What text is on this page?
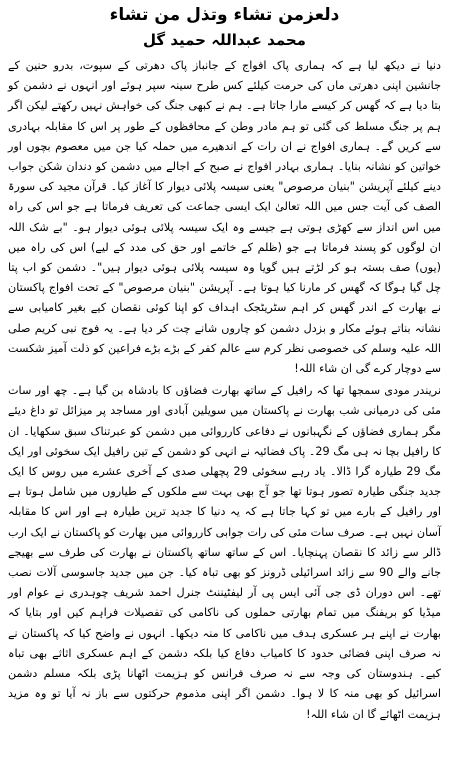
دلعزمن تشاء وتذل من تشاء
محمد عبداللہ حمید گل

دنیا نے دیکھ لیا ہے کہ ہماری پاک افواج کے جانباز پاک دھرتی کے سپوت، بدرو حنین کے جانشین اپنی دھرتی ماں کی حرمت کیلئے کس طرح سینہ سپر ہوئے اور انہوں نے دشمن کو بتا دیا ہے کہ گھس کر کیسے مارا جاتا ہے۔ ہم نے کبھی جنگ کی خواہش نہیں رکھتے لیکن اگر ہم پر جنگ مسلط کی گئی تو ہم مادر وطن کے محافظوں کے طور پر اس کا مقابلہ بہادری سے کریں گے۔ ہماری افواج نے ان رات کے اندھیرے میں حملہ کیا جن میں معصوم بچوں اور خواتین کو نشانہ بنایا۔ ہماری بہادر افواج نے صبح کے اجالے میں دشمن کو دندان شکن جواب دینے کیلئے آپریشن "بنیان مرصوص" یعنی سیسہ پلائی دیوار کا آغاز کیا۔ قرآن مجید کی سورۃ الصف کی آیت جس میں اللہ تعالیٰ ایک ایسی جماعت کی تعریف فرماتا ہے جو اس کی راہ میں اس انداز سے کھڑی ہوتی ہے جیسے وہ ایک سیسہ پلائی ہوئی دیوار ہو۔ "بے شک اللہ ان لوگوں کو پسند فرماتا ہے جو (ظلم کے خاتمے اور حق کی مدد کے لیے) اس کی راہ میں (یوں) صف بستہ ہو کر لڑتے ہیں گویا وہ سیسہ پلائی ہوئی دیوار ہیں"۔ دشمن کو اب پتا چل گیا ہوگا کہ گھس کر مارنا کیا ہوتا ہے۔ آپریشن "بنیان مرصوص" کے تحت افواج پاکستان نے بھارت کے اندر گھس کر اہم سٹریٹجک اہداف کو اپنا کوئی نقصان کیے بغیر کامیابی سے نشانہ بناتے ہوئے مکار و بزدل دشمن کو چاروں شانے چت کر دیا ہے۔ یہ فوج نبی کریم صلی اللہ علیہ وسلم کی خصوصی نظر کرم سے عالم کفر کے بڑے بڑے فراعین کو ذلت آمیز شکست سے دوچار کرے گی ان شاء اللہ!

نریندر مودی سمجھا تھا کہ رافیل کے ساتھ بھارت فضاؤں کا بادشاہ بن گیا ہے۔ چھ اور سات مئی کی درمیانی شب بھارت نے پاکستان میں سویلین آبادی اور مساجد پر میزائل تو داغ دیئے مگر ہماری فضاؤں کے نگہبانوں نے دفاعی کارروائی میں دشمن کو عبرتناک سبق سکھایا۔ ان کا رافیل بچا نہ ہی مگ 29۔ پاک فضائیہ نے انہی کو دشمن کے تین رافیل ایک سخوئی اور ایک مگ 29 طیارہ گرا ڈالا۔ یاد رہے سخوئی 29 پچھلی صدی کے آخری عشرے میں روس کا ایک جدید جنگی طیارہ تصور ہوتا تھا جو آج بھی بہت سے ملکوں کے طیاروں میں شامل ہوتا ہے اور رافیل کے بارے میں تو کہا جاتا ہے کہ یہ دنیا کا جدید ترین طیارہ ہے اور اس کا مقابلہ آسان نہیں ہے۔ صرف سات مئی کی رات جوابی کارروائی میں بھارت کو پاکستان نے ایک ارب ڈالر سے زائد کا نقصان پہنچایا۔ اس کے ساتھ ساتھ پاکستان نے بھارت کی طرف سے بھیجے جانے والے 90 سے زائد اسرائیلی ڈرونز کو بھی تباہ کیا۔ جن میں جدید جاسوسی آلات نصب تھے۔ اس دوران ڈی جی آئی ایس پی آر لیفٹیننٹ جنرل احمد شریف چوہدری نے عوام اور میڈیا کو بریفنگ میں تمام بھارتی حملوں کی ناکامی کی تفصیلات فراہم کیں اور بتایا کہ بھارت نے اپنے ہر عسکری ہدف میں ناکامی کا منہ دیکھا۔ انہوں نے واضح کیا کہ پاکستان نے نہ صرف اپنی فضائی حدود کا کامیاب دفاع کیا بلکہ دشمن کے اہم عسکری اثاثے بھی تباہ کیے۔ ہندوستان کی وجہ سے نہ صرف فرانس کو ہزیمت اٹھانا پڑی بلکہ مسلم دشمن اسرائیل کو بھی منہ کا لا ہوا۔ دشمن اگر اپنی مذموم حرکتوں سے باز نہ آیا تو وہ مزید ہزیمت اٹھائے گا ان شاء اللہ!
